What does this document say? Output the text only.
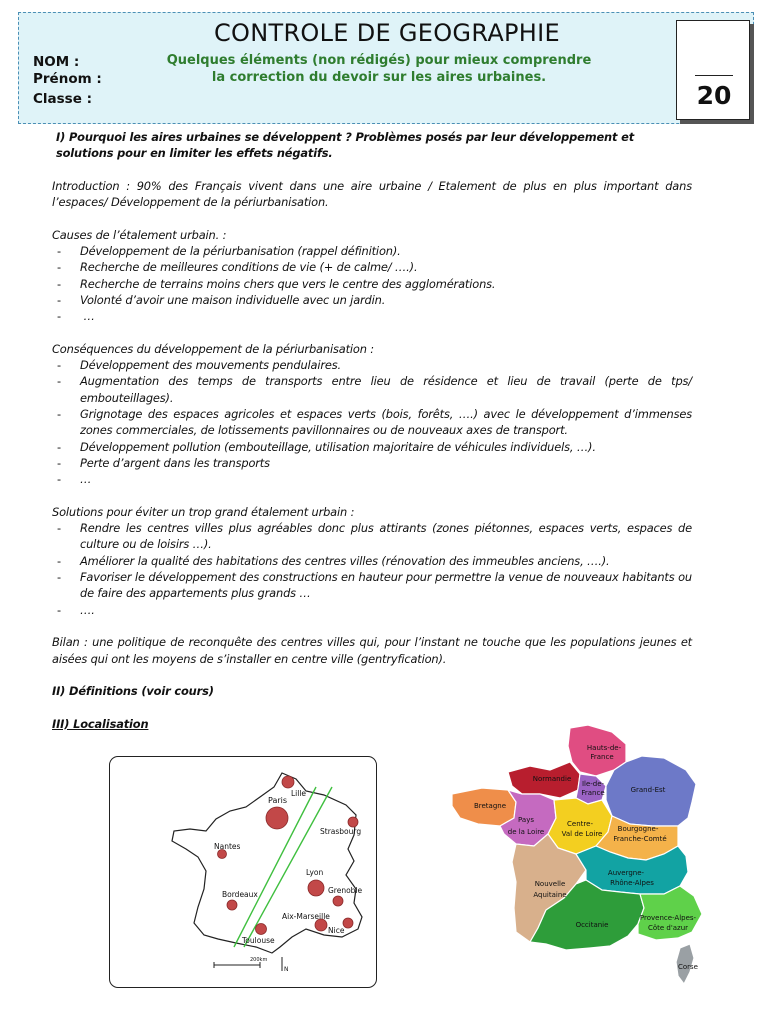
CONTROLE DE GEOGRAPHIE
NOM :
Prénom :
Classe :
Quelques éléments (non rédigés) pour mieux comprendre
la correction du devoir sur les aires urbaines.
20
I) Pourquoi les aires urbaines se développent ? Problèmes posés par leur développement et solutions pour en limiter les effets négatifs.
Introduction : 90% des Français vivent dans une aire urbaine / Etalement de plus en plus important dans l’espaces/ Développement de la périurbanisation.
Causes de l’étalement urbain. :
- Développement de la périurbanisation (rappel définition).
- Recherche de meilleures conditions de vie (+ de calme/ ….).
- Recherche de terrains moins chers que vers le centre des agglomérations.
- Volonté d’avoir une maison individuelle avec un jardin.
-  …
Conséquences du développement de la périurbanisation :
- Développement des mouvements pendulaires.
- Augmentation des temps de transports entre lieu de résidence et lieu de travail (perte de tps/ embouteillages).
- Grignotage des espaces agricoles et espaces verts (bois, forêts, ….) avec le développement d’immenses zones commerciales, de lotissements pavillonnaires ou de nouveaux axes de transport.
- Développement pollution (embouteillage, utilisation majoritaire de véhicules individuels, …).
- Perte d’argent dans les transports
- …
Solutions pour éviter un trop grand étalement urbain :
- Rendre les centres villes plus agréables donc plus attirants (zones piétonnes, espaces verts, espaces de culture ou de loisirs …).
- Améliorer la qualité des habitations des centres villes (rénovation des immeubles anciens, ….).
- Favoriser le développement des constructions en hauteur pour permettre la venue de nouveaux habitants ou de faire des appartements plus grands …
- ….
Bilan : une politique de reconquête des centres villes qui, pour l’instant ne touche que les populations jeunes et aisées qui ont les moyens de s’installer en centre ville (gentryfication).
II) Définitions (voir cours)
III) Localisation
Lille
Paris
Strasbourg
Nantes
Lyon
Grenoble
Bordeaux
Aix-Marseille
Nice
Toulouse
200km
N
Hauts-de-
France
Normandie
Ile-de-
France	Grand-Est
Bretagne
Pays
de la Loire
Centre-
Val de Loire
Bourgogne-
Franche-Comté
Nouvelle
Aquitaine
Auvergne-
Rhône-Alpes
Occitanie
Provence-Alpes-
Côte d'azur
Corse
